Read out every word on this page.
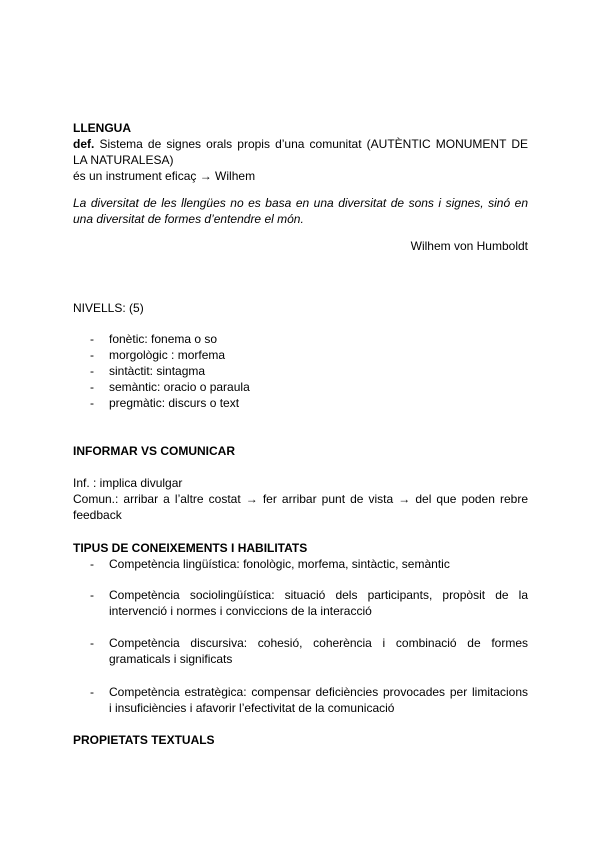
LLENGUA
def. Sistema de signes orals propis d’una comunitat (AUTÈNTIC MONUMENT DE
LA NATURALESA)
és un instrument eficaç → Wilhem
La diversitat de les llengües no es basa en una diversitat de sons i signes, sinó en
una diversitat de formes d’entendre el món.
Wilhem von Humboldt
NIVELLS: (5)
- fonètic: fonema o so
- morgològic : morfema
- sintàctit: sintagma
- semàntic: oracio o paraula
- pregmàtic: discurs o text
INFORMAR VS COMUNICAR
Inf. : implica divulgar
Comun.: arribar a l’altre costat → fer arribar punt de vista → del que poden rebre
feedback
TIPUS DE CONEIXEMENTS I HABILITATS
- Competència lingüística: fonològic, morfema, sintàctic, semàntic
- Competència sociolingüística: situació dels participants, propòsit de la
intervenció i normes i conviccions de la interacció
- Competència discursiva: cohesió, coherència i combinació de formes
gramaticals i significats
- Competència estratègica: compensar deficiències provocades per limitacions
i insuficiències i afavorir l’efectivitat de la comunicació
PROPIETATS TEXTUALS
